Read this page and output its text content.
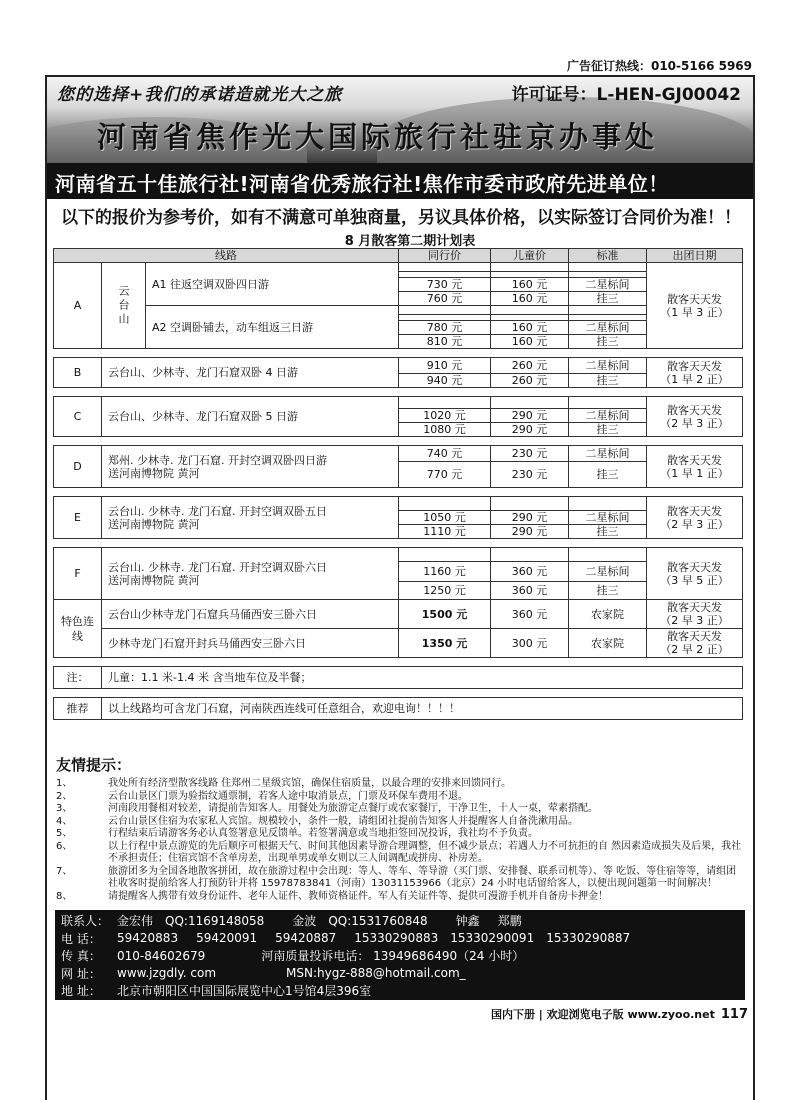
广告征订热线：010-5166 5969
您的选择+我们的承诺造就光大之旅	许可证号：L-HEN-GJ00042
河南省焦作光大国际旅行社驻京办事处
河南省五十佳旅行社!河南省优秀旅行社!焦作市委市政府先进单位！
以下的报价为参考价，如有不满意可单独商量，另议具体价格，以实际签订合同价为准！！
8 月散客第二期计划表
线路			同行价	儿童价	标准	出团日期
A	云台山	A1 往返空调双卧四日游				散客天天发
（1 早 3 正）

			730 元	160 元	二星标间	
			760 元	160 元	挂三	
		A2 空调卧铺去，动车组返三日游				

			780 元	160 元	二星标间	
			810 元	160 元	挂三	

B	云台山、少林寺、龙门石窟双卧 4 日游		910 元	260 元	二星标间	散客天天发
（1 早 2 正）
			940 元	260 元	挂三	

C	云台山、少林寺、龙门石窟双卧 5 日游					散客天天发
（2 早 3 正）
			1020 元	290 元	二星标间	
			1080 元	290 元	挂三	

D	郑州. 少林寺. 龙门石窟. 开封空调双卧四日游
送河南博物院 黄河		740 元	230 元	二星标间	散客天天发
（1 早 1 正）
			770 元	230 元	挂三	

E	云台山. 少林寺. 龙门石窟. 开封空调双卧五日
送河南博物院 黄河					散客天天发
（2 早 3 正）
			1050 元	290 元	二星标间	
			1110 元	290 元	挂三	

F	云台山. 少林寺. 龙门石窟. 开封空调双卧六日
送河南博物院 黄河					散客天天发
（3 早 5 正）
			1160 元	360 元	二星标间	
			1250 元	360 元	挂三	
特色连线	云台山少林寺龙门石窟兵马俑西安三卧六日		1500 元	360 元	农家院	散客天天发
（2 早 3 正）
	少林寺龙门石窟开封兵马俑西安三卧六日		1350 元	300 元	农家院	散客天天发
（2 早 2 正）

注：	儿童：1.1 米-1.4 米 含当地车位及半餐；					

推荐	以上线路均可含龙门石窟，河南陕西连线可任意组合，欢迎电询！！！！					
友情提示：
1、	我处所有经济型散客线路 住郑州二星级宾馆，确保住宿质量，以最合理的安排来回馈同行。
2、	云台山景区门票为验指纹通票制，若客人途中取消景点，门票及环保车费用不退。
3、	河南段用餐相对较差，请提前告知客人。用餐处为旅游定点餐厅或农家餐厅，干净卫生，十人一桌，荤素搭配。
4、	云台山景区住宿为农家私人宾馆。规模较小，条件一般，请组团社提前告知客人并提醒客人自备洗漱用品。
5、	行程结束后请游客务必认真签署意见反馈单。若签署满意或当地拒签回况投诉，我社均不予负责。
6、	以上行程中景点游览的先后顺序可根据天气、时间其他因素导游合理调整，但不减少景点；若遇人力不可抗拒的自 然因素造成损失及后果，我社不承担责任；住宿宾馆不含单房差，出现单男或单女则以三人间调配或拼房、补房差。
7、	旅游团多为全国各地散客拼团，故在旅游过程中会出现：等人、等车、等导游（买门票、安排餐、联系司机等）、等 吃饭、等住宿等等，请组团社收客时提前给客人打预防针并将 15978783841（河南）13031153966（北京）24 小时电话留给客人，以便出现问题第一时间解决！
8、	请提醒客人携带有效身份证件、老年人证件、教师资格证件。军人有关证件等、提供可漫游手机并自备房卡押金！
联系人： 金宏伟 QQ:1169148058 金波 QQ:1531760848 钟鑫 郑鹏
电 话：	59420883 59420091 59420887 15330290883 15330290091 15330290887
传 真：	010-84602679	河南质量投诉电话： 13949686490（24 小时）
网 址：	www.jzgdly. com	MSN:hygz-888@hotmail.com_
地 址：	北京市朝阳区中国国际展览中心1号馆4层396室
国内下册 | 欢迎浏览电子版 www.zyoo.net 117
